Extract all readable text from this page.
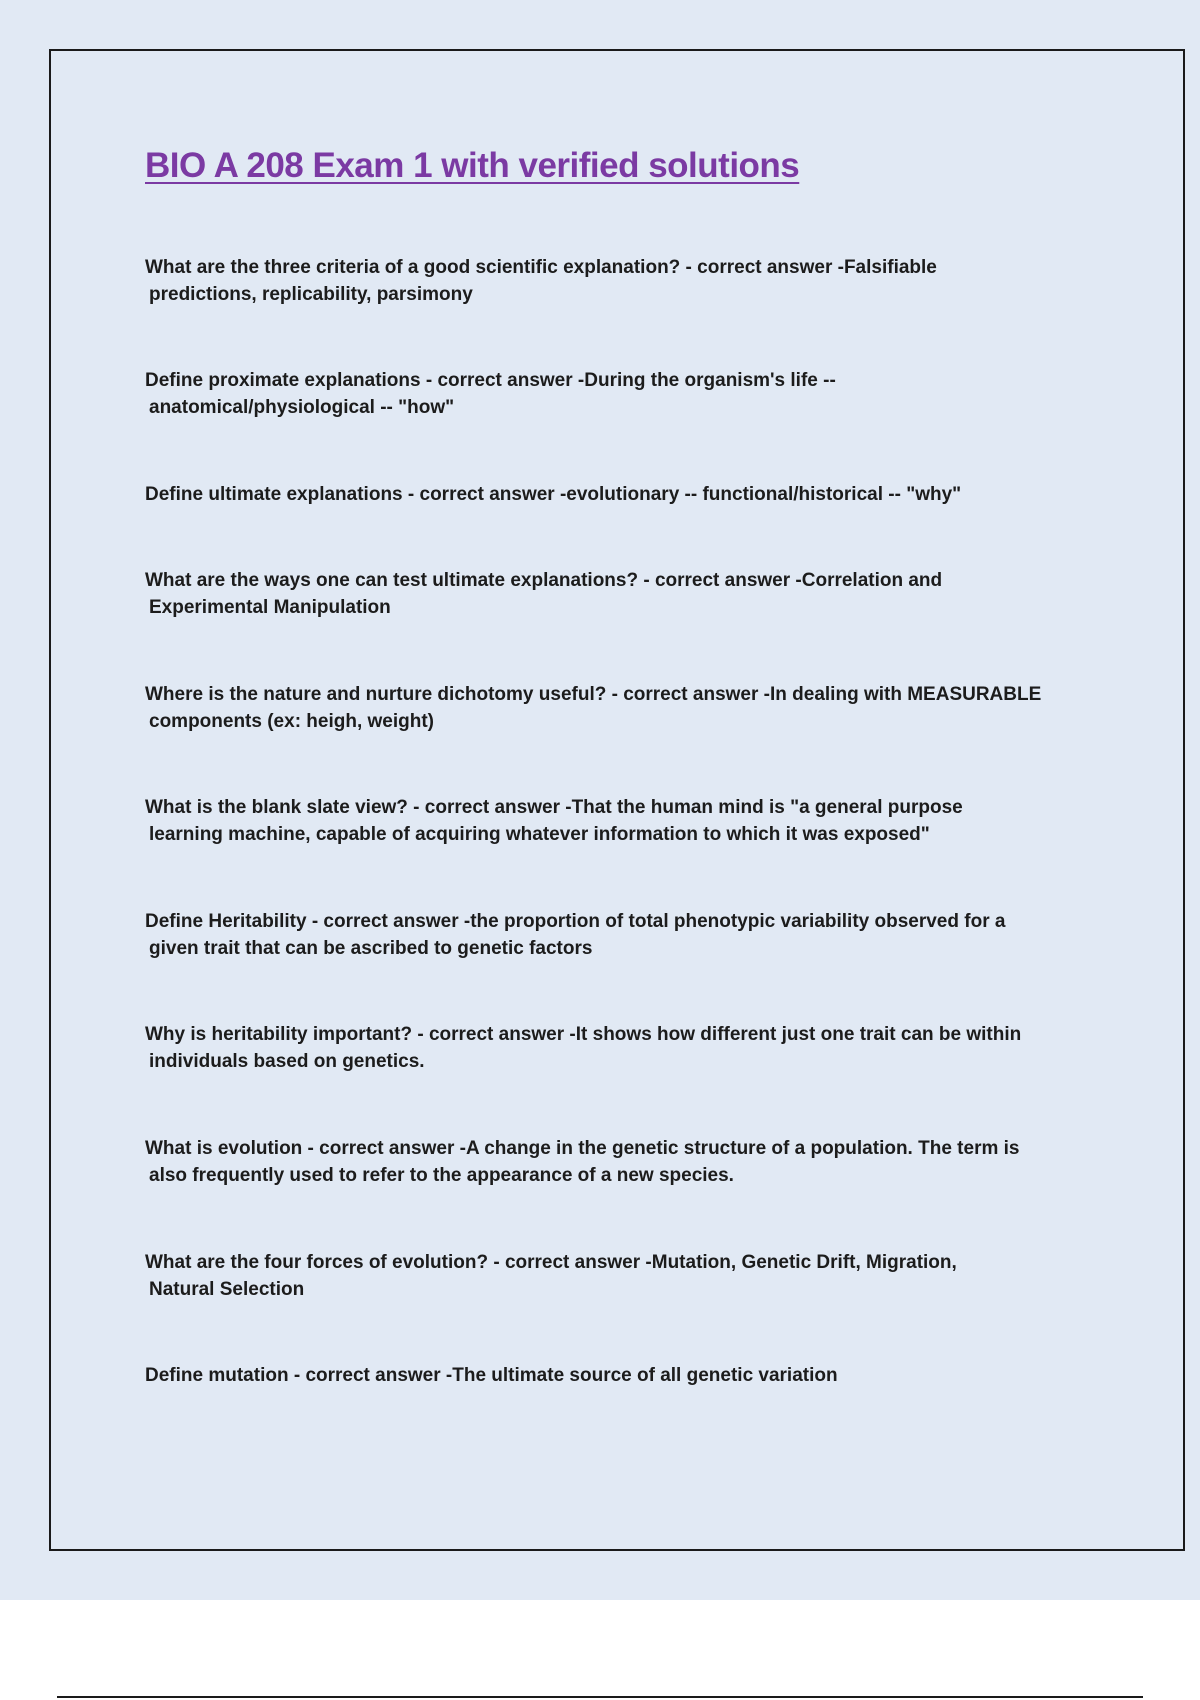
BIO A 208 Exam 1 with verified solutions
What are the three criteria of a good scientific explanation? - correct answer -Falsifiable
predictions, replicability, parsimony
Define proximate explanations - correct answer -During the organism's life --
anatomical/physiological -- "how"
Define ultimate explanations - correct answer -evolutionary -- functional/historical -- "why"
What are the ways one can test ultimate explanations? - correct answer -Correlation and
Experimental Manipulation
Where is the nature and nurture dichotomy useful? - correct answer -In dealing with MEASURABLE
components (ex: heigh, weight)
What is the blank slate view? - correct answer -That the human mind is "a general purpose
learning machine, capable of acquiring whatever information to which it was exposed"
Define Heritability - correct answer -the proportion of total phenotypic variability observed for a
given trait that can be ascribed to genetic factors
Why is heritability important? - correct answer -It shows how different just one trait can be within
individuals based on genetics.
What is evolution - correct answer -A change in the genetic structure of a population. The term is
also frequently used to refer to the appearance of a new species.
What are the four forces of evolution? - correct answer -Mutation, Genetic Drift, Migration,
Natural Selection
Define mutation - correct answer -The ultimate source of all genetic variation
